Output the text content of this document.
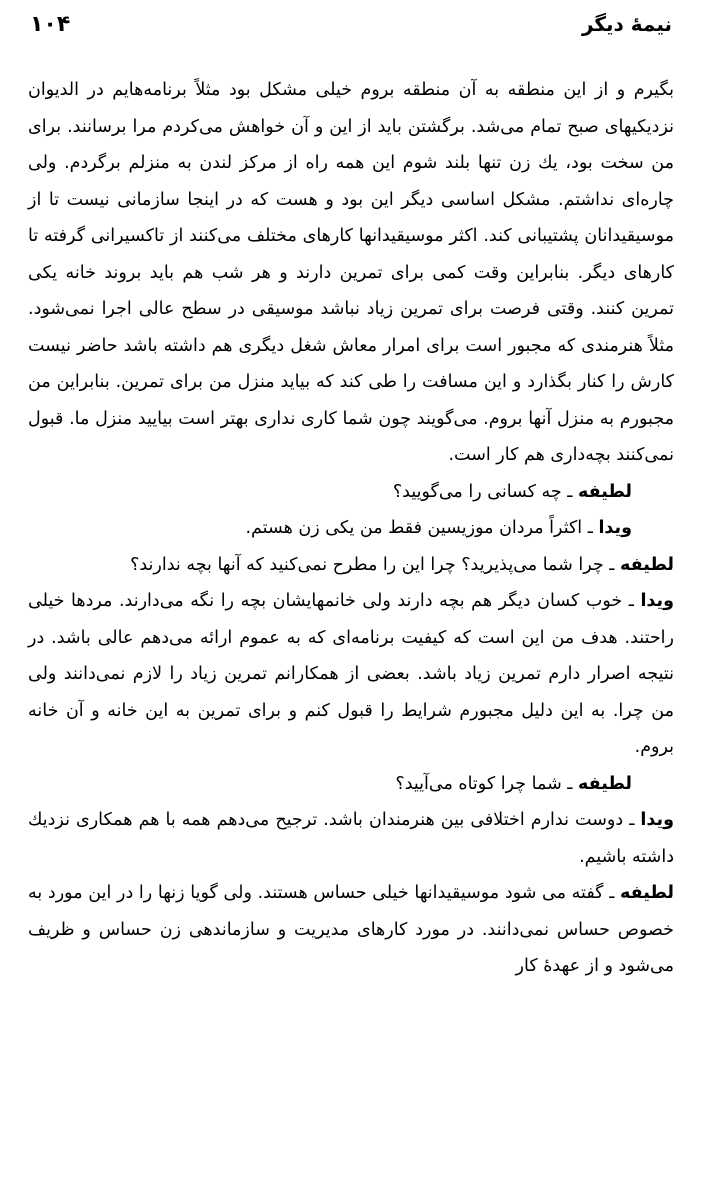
۱۰۴	نیمهٔ دیگر

بگیرم و از این منطقه به آن منطقه بروم خیلی مشکل بود مثلاً برنامه‌هایم در الدیوان نزدیکیهای صبح تمام می‌شد. برگشتن باید از این و آن خواهش می‌کردم مرا برسانند. برای من سخت بود، یك زن تنها بلند شوم این همه راه از مرکز لندن به منزلم برگردم. ولی چاره‌ای نداشتم. مشکل اساسی دیگر این بود و هست که در اینجا سازمانی نیست تا از موسیقیدانان پشتیبانی کند. اکثر موسیقیدانها کارهای مختلف می‌کنند از تاکسیرانی گرفته تا کارهای دیگر. بنابراین وقت کمی برای تمرین دارند و هر شب هم باید بروند خانه یکی تمرین کنند. وقتی فرصت برای تمرین زیاد نباشد موسیقی در سطح عالی اجرا نمی‌شود. مثلاً هنرمندی که مجبور است برای امرار معاش شغل دیگری هم داشته باشد حاضر نیست کارش را کنار بگذارد و این مسافت را طی کند که بیاید منزل من برای تمرین. بنابراین من مجبورم به منزل آنها بروم. می‌گویند چون شما کاری نداری بهتر است بیایید منزل ما. قبول نمی‌کنند بچه‌داری هم کار است.

لطیفه ـ چه کسانی را می‌گویید؟

ویدا ـ اکثراً مردان موزیسین فقط من یکی زن هستم.

لطیفه ـ چرا شما می‌پذیرید؟ چرا این را مطرح نمی‌کنید که آنها بچه ندارند؟

ویدا ـ خوب کسان دیگر هم بچه دارند ولی خانمهایشان بچه را نگه می‌دارند. مردها خیلی راحتند. هدف من این است که کیفیت برنامه‌ای که به عموم ارائه می‌دهم عالی باشد. در نتیجه اصرار دارم تمرین زیاد باشد. بعضی از همکارانم تمرین زیاد را لازم نمی‌دانند ولی من چرا. به این دلیل مجبورم شرایط را قبول کنم و برای تمرین به این خانه و آن خانه بروم.

لطیفه ـ شما چرا کوتاه می‌آیید؟

ویدا ـ دوست ندارم اختلافی بین هنرمندان باشد. ترجیح می‌دهم همه با هم همکاری نزدیك داشته باشیم.

لطیفه ـ گفته می شود موسیقیدانها خیلی حساس هستند. ولی گویا زنها را در این مورد به خصوص حساس نمی‌دانند. در مورد کارهای مدیریت و سازماندهی زن حساس و ظریف می‌شود و از عهدهٔ کار
